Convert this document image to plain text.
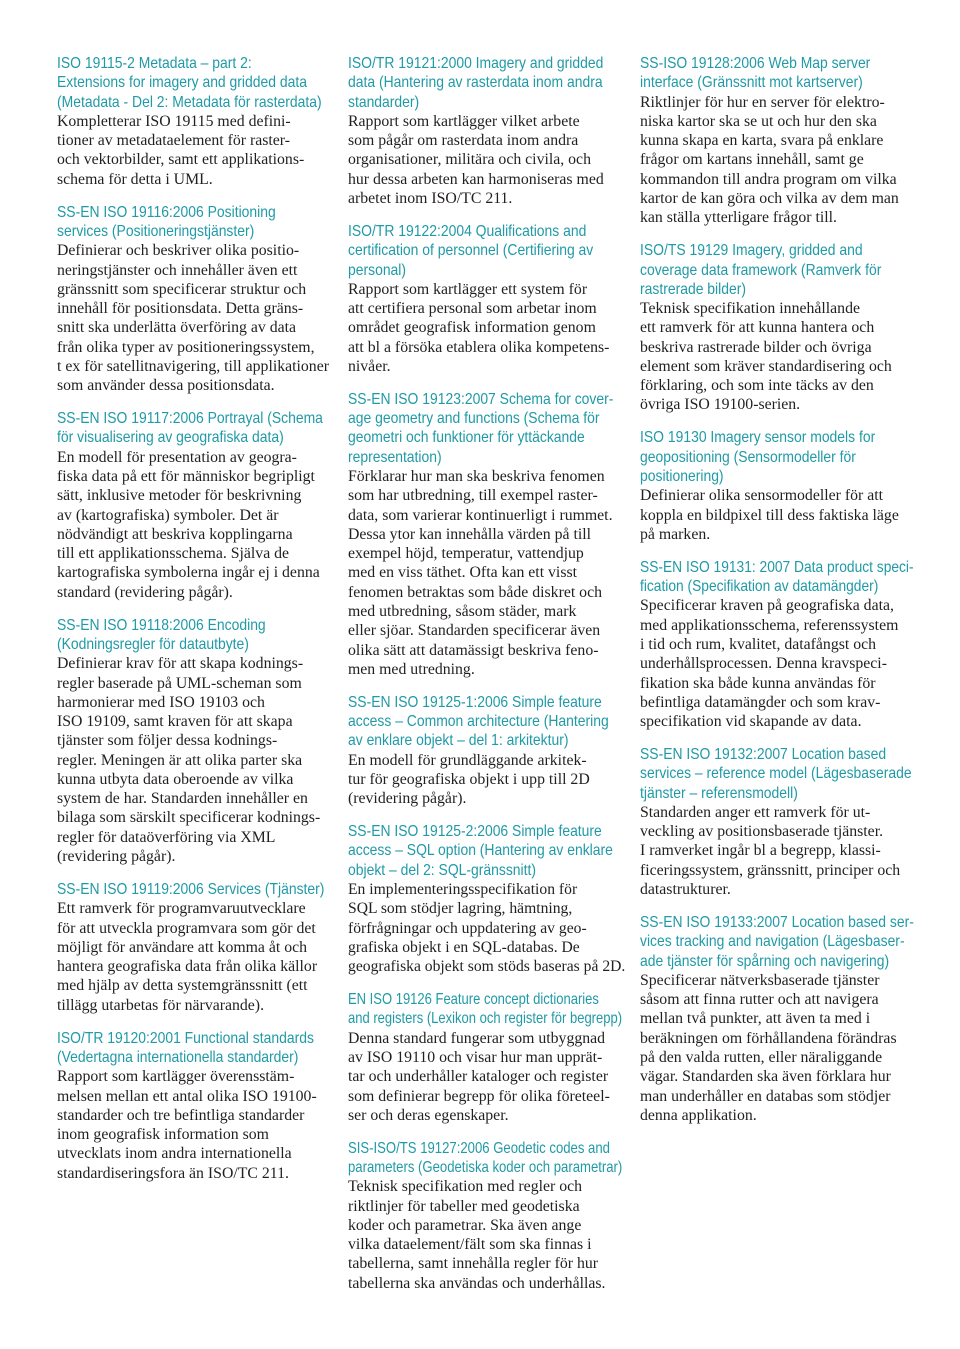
ISO 19115-2 Metadata – part 2:
Extensions for imagery and gridded data
(Metadata - Del 2: Metadata för rasterdata)
Kompletterar ISO 19115 med defini-
tioner av metadataelement för raster-
och vektorbilder, samt ett applikations-
schema för detta i UML.
SS-EN ISO 19116:2006 Positioning
services (Positioneringstjänster)
Definierar och beskriver olika positio-
neringstjänster och innehåller även ett
gränssnitt som specificerar struktur och
innehåll för positionsdata. Detta gräns-
snitt ska underlätta överföring av data
från olika typer av positioneringssystem,
t ex för satellitnavigering, till applikationer
som använder dessa positionsdata.
SS-EN ISO 19117:2006 Portrayal (Schema
för visualisering av geografiska data)
En modell för presentation av geogra-
fiska data på ett för människor begripligt
sätt, inklusive metoder för beskrivning
av (kartografiska) symboler. Det är
nödvändigt att beskriva kopplingarna
till ett applikationsschema. Själva de
kartografiska symbolerna ingår ej i denna
standard (revidering pågår).
SS-EN ISO 19118:2006 Encoding
(Kodningsregler för datautbyte)
Definierar krav för att skapa kodnings-
regler baserade på UML-scheman som
harmonierar med ISO 19103 och
ISO 19109, samt kraven för att skapa
tjänster som följer dessa kodnings-
regler. Meningen är att olika parter ska
kunna utbyta data oberoende av vilka
system de har. Standarden innehåller en
bilaga som särskilt specificerar kodnings-
regler för dataöverföring via XML
(revidering pågår).
SS-EN ISO 19119:2006 Services (Tjänster)
Ett ramverk för programvaruutvecklare
för att utveckla programvara som gör det
möjligt för användare att komma åt och
hantera geografiska data från olika källor
med hjälp av detta systemgränssnitt (ett
tillägg utarbetas för närvarande).
ISO/TR 19120:2001 Functional standards
(Vedertagna internationella standarder)
Rapport som kartlägger överensstäm-
melsen mellan ett antal olika ISO 19100-
standarder och tre befintliga standarder
inom geografisk information som
utvecklats inom andra internationella
standardiseringsfora än ISO/TC 211.
ISO/TR 19121:2000 Imagery and gridded
data (Hantering av rasterdata inom andra
standarder)
Rapport som kartlägger vilket arbete
som pågår om rasterdata inom andra
organisationer, militära och civila, och
hur dessa arbeten kan harmoniseras med
arbetet inom ISO/TC 211.
ISO/TR 19122:2004 Qualifications and
certification of personnel (Certifiering av
personal)
Rapport som kartlägger ett system för
att certifiera personal som arbetar inom
området geografisk information genom
att bl a försöka etablera olika kompetens-
nivåer.
SS-EN ISO 19123:2007 Schema for cover-
age geometry and functions (Schema för
geometri och funktioner för yttäckande
representation)
Förklarar hur man ska beskriva fenomen
som har utbredning, till exempel raster-
data, som varierar kontinuerligt i rummet.
Dessa ytor kan innehålla värden på till
exempel höjd, temperatur, vattendjup
med en viss täthet. Ofta kan ett visst
fenomen betraktas som både diskret och
med utbredning, såsom städer, mark
eller sjöar. Standarden specificerar även
olika sätt att datamässigt beskriva feno-
men med utredning.
SS-EN ISO 19125-1:2006 Simple feature
access – Common architecture (Hantering
av enklare objekt – del 1: arkitektur)
En modell för grundläggande arkitek-
tur för geografiska objekt i upp till 2D
(revidering pågår).
SS-EN ISO 19125-2:2006 Simple feature
access – SQL option (Hantering av enklare
objekt – del 2: SQL-gränssnitt)
En implementeringsspecifikation för
SQL som stödjer lagring, hämtning,
förfrågningar och uppdatering av geo-
grafiska objekt i en SQL-databas. De
geografiska objekt som stöds baseras på 2D.
EN ISO 19126 Feature concept dictionaries
and registers (Lexikon och register för begrepp)
Denna standard fungerar som utbyggnad
av ISO 19110 och visar hur man upprät-
tar och underhåller kataloger och register
som definierar begrepp för olika företeel-
ser och deras egenskaper.
SIS-ISO/TS 19127:2006 Geodetic codes and
parameters (Geodetiska koder och parametrar)
Teknisk specifikation med regler och
riktlinjer för tabeller med geodetiska
koder och parametrar. Ska även ange
vilka dataelement/fält som ska finnas i
tabellerna, samt innehålla regler för hur
tabellerna ska användas och underhållas.
SS-ISO 19128:2006 Web Map server
interface (Gränssnitt mot kartserver)
Riktlinjer för hur en server för elektro-
niska kartor ska se ut och hur den ska
kunna skapa en karta, svara på enklare
frågor om kartans innehåll, samt ge
kommandon till andra program om vilka
kartor de kan göra och vilka av dem man
kan ställa ytterligare frågor till.
ISO/TS 19129 Imagery, gridded and
coverage data framework (Ramverk för
rastrerade bilder)
Teknisk specifikation innehållande
ett ramverk för att kunna hantera och
beskriva rastrerade bilder och övriga
element som kräver standardisering och
förklaring, och som inte täcks av den
övriga ISO 19100-serien.
ISO 19130 Imagery sensor models for
geopositioning (Sensormodeller för
positionering)
Definierar olika sensormodeller för att
koppla en bildpixel till dess faktiska läge
på marken.
SS-EN ISO 19131: 2007 Data product speci-
fication (Specifikation av datamängder)
Specificerar kraven på geografiska data,
med applikationsschema, referenssystem
i tid och rum, kvalitet, datafångst och
underhållsprocessen. Denna kravspeci-
fikation ska både kunna användas för
befintliga datamängder och som krav-
specifikation vid skapande av data.
SS-EN ISO 19132:2007 Location based
services – reference model (Lägesbaserade
tjänster – referensmodell)
Standarden anger ett ramverk för ut-
veckling av positionsbaserade tjänster.
I ramverket ingår bl a begrepp, klassi-
ficeringssystem, gränssnitt, principer och
datastrukturer.
SS-EN ISO 19133:2007 Location based ser-
vices tracking and navigation (Lägesbaser-
ade tjänster för spårning och navigering)
Specificerar nätverksbaserade tjänster
såsom att finna rutter och att navigera
mellan två punkter, att även ta med i
beräkningen om förhållandena förändras
på den valda rutten, eller näraliggande
vägar. Standarden ska även förklara hur
man underhåller en databas som stödjer
denna applikation.
